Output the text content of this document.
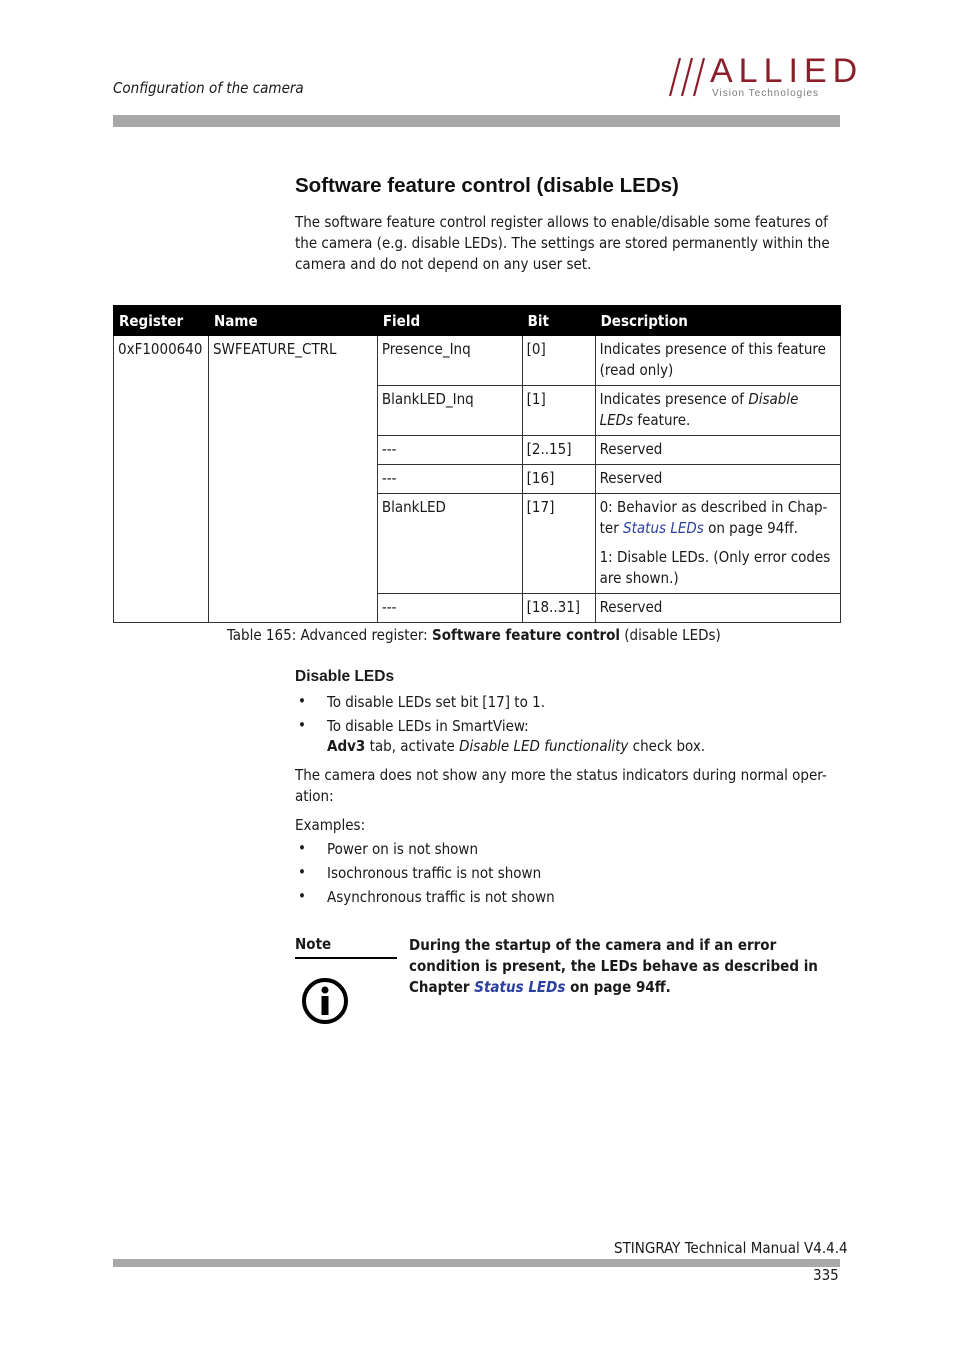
Configuration of the camera	ALLIED
Vision Technologies
Software feature control (disable LEDs)
The software feature control register allows to enable/disable some features of the camera (e.g. disable LEDs). The settings are stored permanently within the camera and do not depend on any user set.
Register	Name	Field	Bit	Description
0xF1000640	SWFEATURE_CTRL	Presence_Inq	[0]	Indicates presence of this feature (read only)
		BlankLED_Inq	[1]	Indicates presence of Disable LEDs feature.
		---	[2..15]	Reserved
		---	[16]	Reserved
		BlankLED	[17]	0: Behavior as described in Chap-ter Status LEDs on page 94ff.
1: Disable LEDs. (Only error codes are shown.)

		---	[18..31]	Reserved
Table 165: Advanced register: Software feature control (disable LEDs)
Disable LEDs
• To disable LEDs set bit [17] to 1.
• To disable LEDs in SmartView:
Adv3 tab, activate Disable LED functionality check box.
The camera does not show any more the status indicators during normal oper-ation:
Examples:
• Power on is not shown
• Isochronous traffic is not shown
• Asynchronous traffic is not shown
Note	During the startup of the camera and if an error condition is present, the LEDs behave as described in Chapter Status LEDs on page 94ff.
STINGRAY Technical Manual V4.4.4
335
